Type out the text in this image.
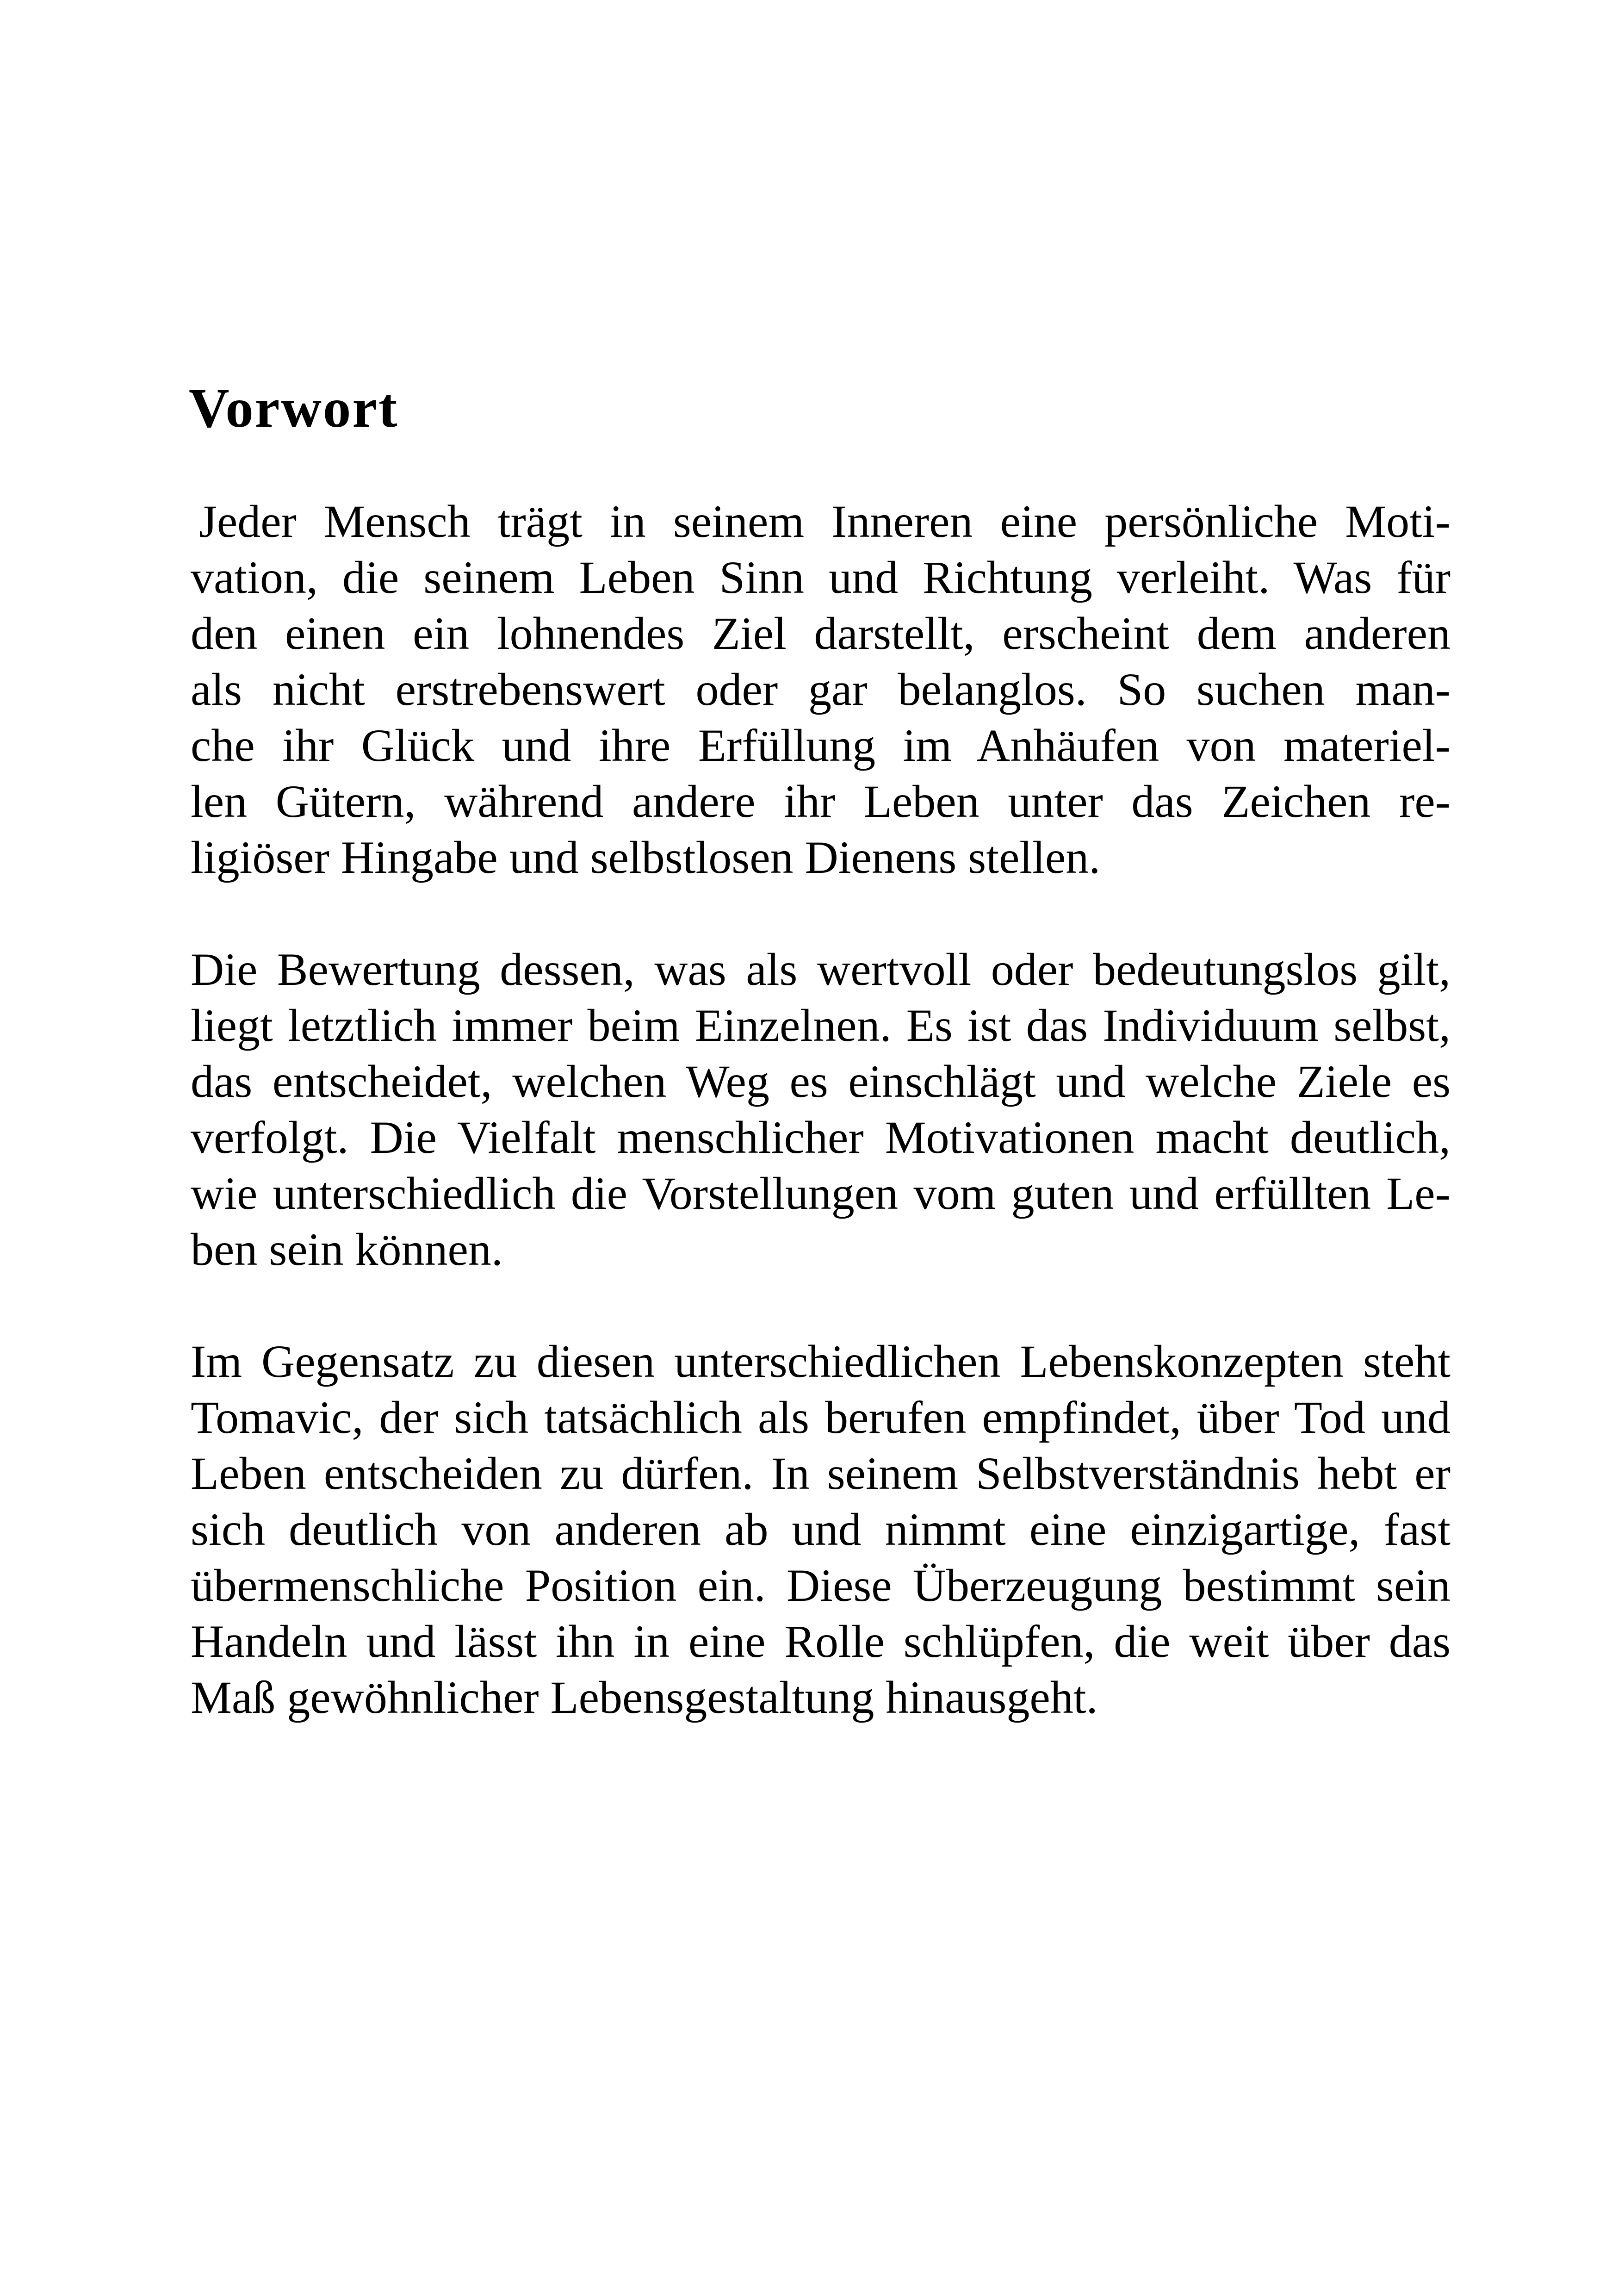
Vorwort
Jeder Mensch trägt in seinem Inneren eine persönliche Moti-
vation, die seinem Leben Sinn und Richtung verleiht. Was für
den einen ein lohnendes Ziel darstellt, erscheint dem anderen
als nicht erstrebenswert oder gar belanglos. So suchen man-
che ihr Glück und ihre Erfüllung im Anhäufen von materiel-
len Gütern, während andere ihr Leben unter das Zeichen re-
ligiöser Hingabe und selbstlosen Dienens stellen.
Die Bewertung dessen, was als wertvoll oder bedeutungslos gilt,
liegt letztlich immer beim Einzelnen. Es ist das Individuum selbst,
das entscheidet, welchen Weg es einschlägt und welche Ziele es
verfolgt. Die Vielfalt menschlicher Motivationen macht deutlich,
wie unterschiedlich die Vorstellungen vom guten und erfüllten Le-
ben sein können.
Im Gegensatz zu diesen unterschiedlichen Lebenskonzepten steht
Tomavic, der sich tatsächlich als berufen empfindet, über Tod und
Leben entscheiden zu dürfen. In seinem Selbstverständnis hebt er
sich deutlich von anderen ab und nimmt eine einzigartige, fast
übermenschliche Position ein. Diese Überzeugung bestimmt sein
Handeln und lässt ihn in eine Rolle schlüpfen, die weit über das
Maß gewöhnlicher Lebensgestaltung hinausgeht.
